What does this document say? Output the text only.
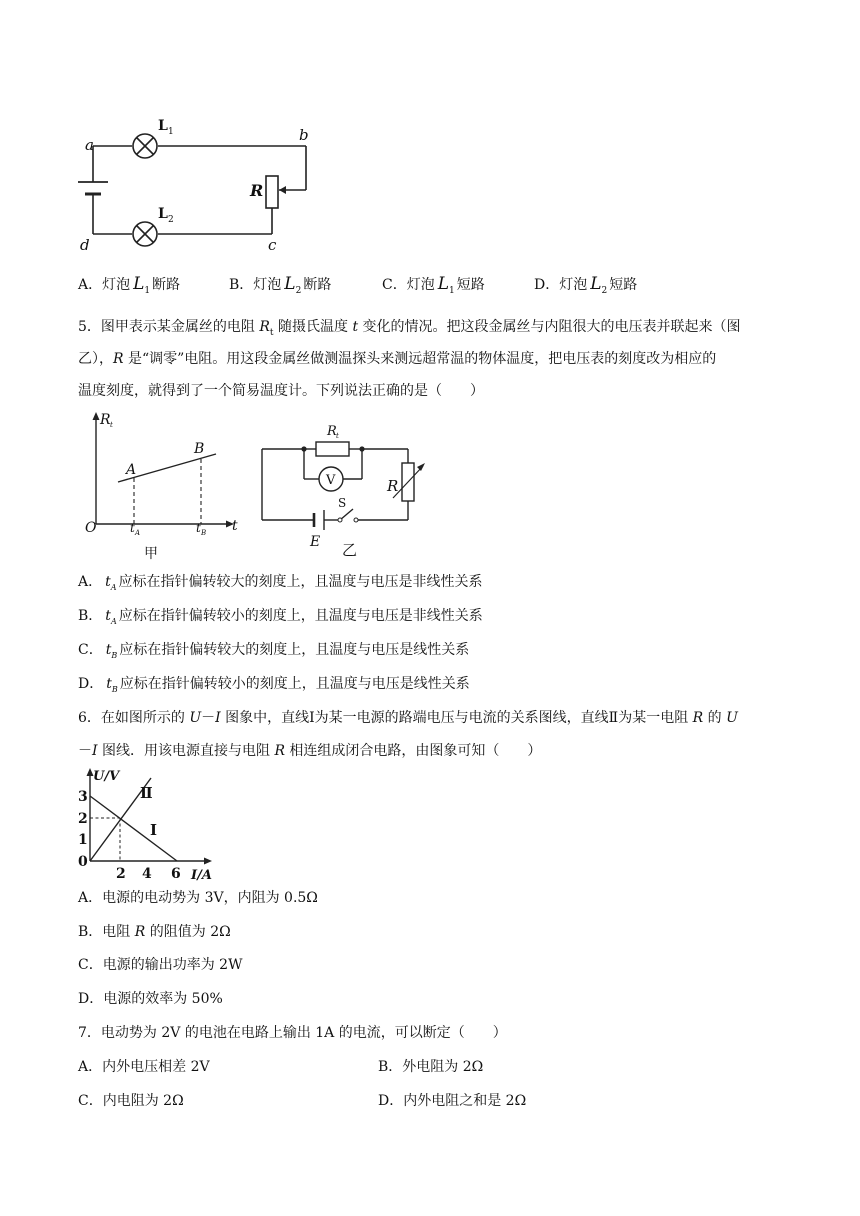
a
b
c
d
L 1
L 2
R
A．灯泡 $L_1$ 断路	B．灯泡 $L_2$ 断路	C．灯泡 $L_1$ 短路	D．灯泡 $L_2$ 短路
5．图甲表示某金属丝的电阻 $R_t$ 随摄氏温度 t 变化的情况。把这段金属丝与内阻很大的电压表并联起来（图
乙），R 是“调零”电阻。用这段金属丝做测温探头来测远超常温的物体温度，把电压表的刻度改为相应的
温度刻度，就得到了一个简易温度计。下列说法正确的是（　　）
R t
A
B
O	t A	t B t
甲
R t
V	R
S
E 乙
A． $t_A$ 应标在指针偏转较大的刻度上，且温度与电压是非线性关系
B． $t_A$ 应标在指针偏转较小的刻度上，且温度与电压是非线性关系
C． $t_B$ 应标在指针偏转较大的刻度上，且温度与电压是线性关系
D． $t_B$ 应标在指针偏转较小的刻度上，且温度与电压是线性关系
6．在如图所示的 U－I 图象中，直线Ⅰ为某一电源的路端电压与电流的关系图线，直线Ⅱ为某一电阻 R 的 U
－I 图线．用该电源直接与电阻 R 相连组成闭合电路，由图象可知（　　）
U/V
I/A
Ⅰ
Ⅱ
3
2
1
0
2 4 6
A．电源的电动势为 3V，内阻为 0.5Ω
B．电阻 R 的阻值为 2Ω
C．电源的输出功率为 2W
D．电源的效率为 50%
7．电动势为 2V 的电池在电路上输出 1A 的电流，可以断定（　　）
A．内外电压相差 2V	B．外电阻为 2Ω
C．内电阻为 2Ω	D．内外电阻之和是 2Ω
